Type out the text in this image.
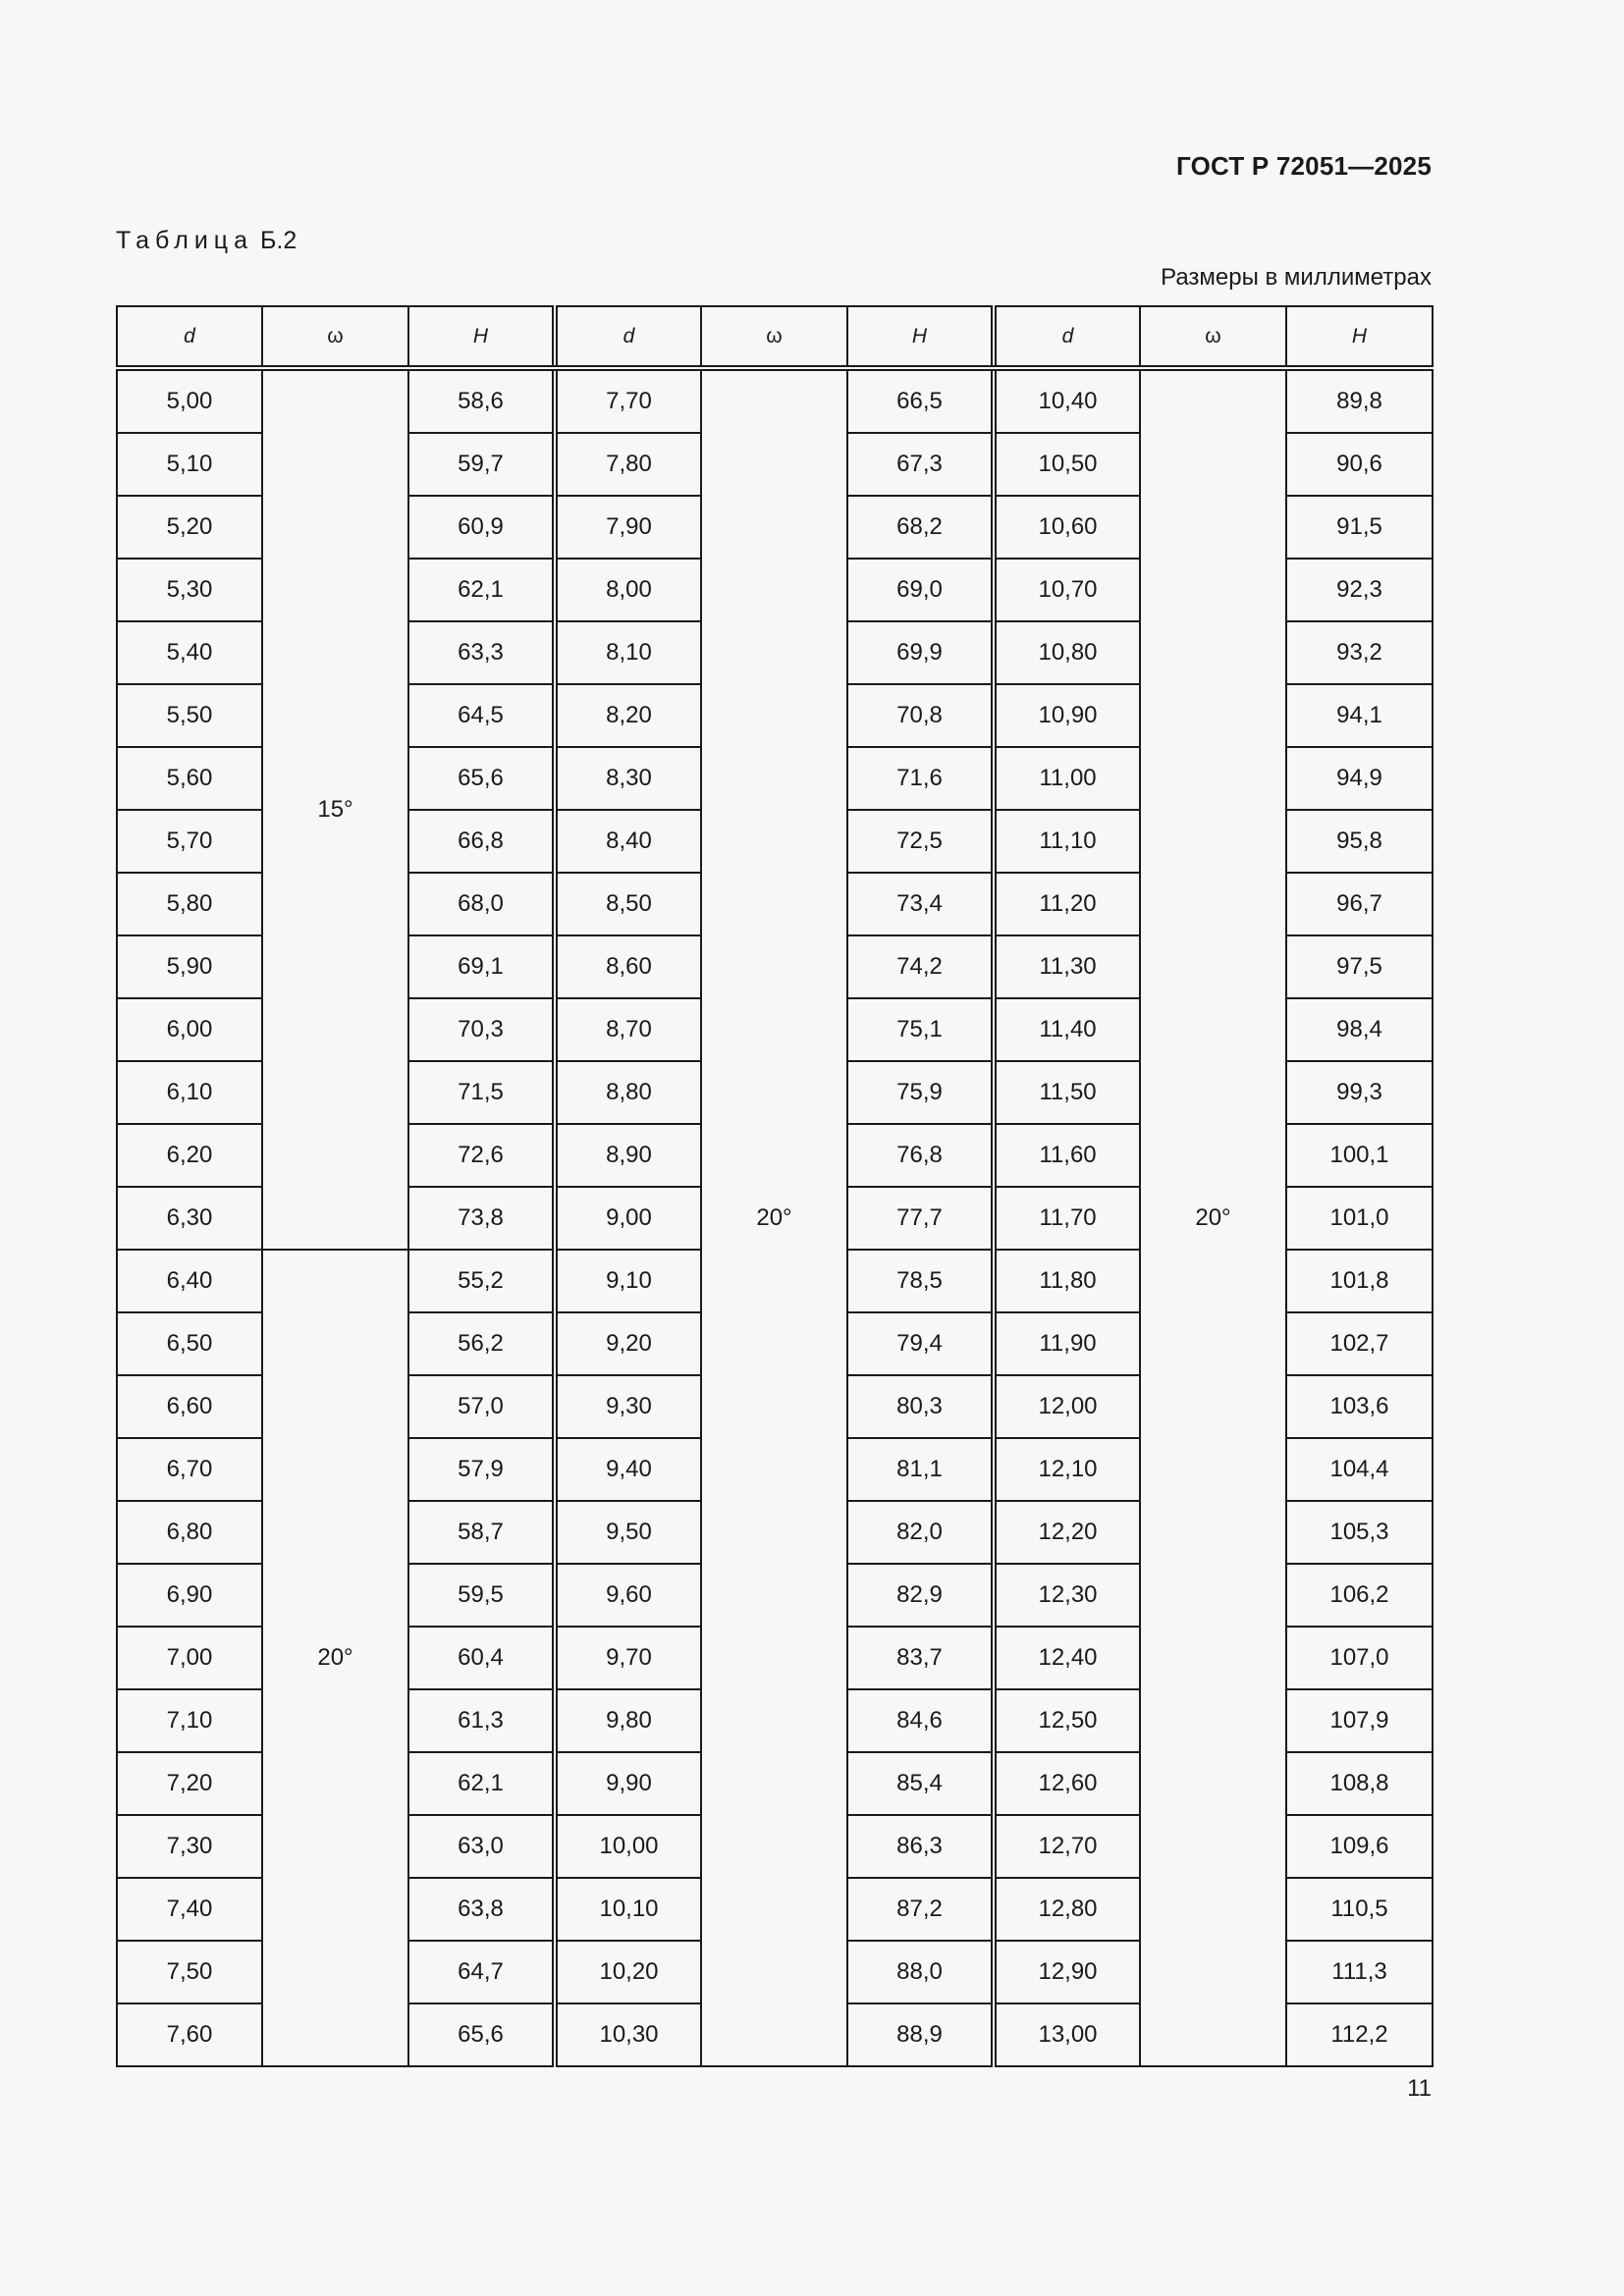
ГОСТ Р 72051—2025
Таблица Б.2
Размеры в миллиметрах
d	ω	H	d	ω	H	d	ω	H
5,00	15°	58,6	7,70	20°	66,5	10,40	20°	89,8
5,10		59,7	7,80		67,3	10,50		90,6
5,20		60,9	7,90		68,2	10,60		91,5
5,30		62,1	8,00		69,0	10,70		92,3
5,40		63,3	8,10		69,9	10,80		93,2
5,50		64,5	8,20		70,8	10,90		94,1
5,60		65,6	8,30		71,6	11,00		94,9
5,70		66,8	8,40		72,5	11,10		95,8
5,80		68,0	8,50		73,4	11,20		96,7
5,90		69,1	8,60		74,2	11,30		97,5
6,00		70,3	8,70		75,1	11,40		98,4
6,10		71,5	8,80		75,9	11,50		99,3
6,20		72,6	8,90		76,8	11,60		100,1
6,30		73,8	9,00		77,7	11,70		101,0
6,40	20°	55,2	9,10		78,5	11,80		101,8
6,50		56,2	9,20		79,4	11,90		102,7
6,60		57,0	9,30		80,3	12,00		103,6
6,70		57,9	9,40		81,1	12,10		104,4
6,80		58,7	9,50		82,0	12,20		105,3
6,90		59,5	9,60		82,9	12,30		106,2
7,00		60,4	9,70		83,7	12,40		107,0
7,10		61,3	9,80		84,6	12,50		107,9
7,20		62,1	9,90		85,4	12,60		108,8
7,30		63,0	10,00		86,3	12,70		109,6
7,40		63,8	10,10		87,2	12,80		110,5
7,50		64,7	10,20		88,0	12,90		111,3
7,60		65,6	10,30		88,9	13,00		112,2
11
